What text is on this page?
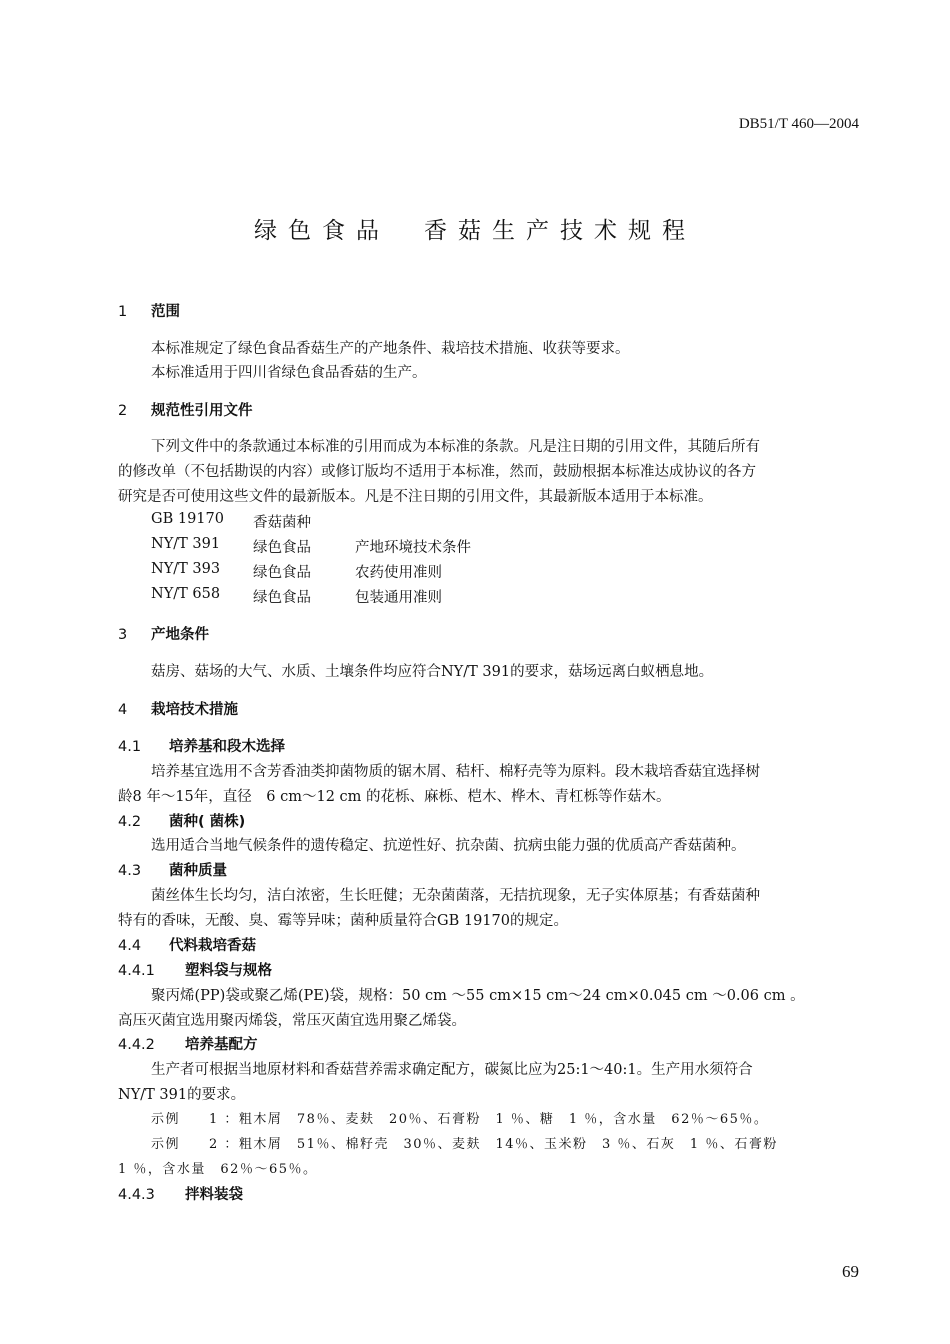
DB51/T 460—2004
绿色食品　香菇生产技术规程
1 范围
本标准规定了绿色食品香菇生产的产地条件、栽培技术措施、收获等要求。
本标准适用于四川省绿色食品香菇的生产。
2 规范性引用文件
下列文件中的条款通过本标准的引用而成为本标准的条款。凡是注日期的引用文件，其随后所有
的修改单（不包括勘误的内容）或修订版均不适用于本标准，然而，鼓励根据本标准达成协议的各方
研究是否可使用这些文件的最新版本。凡是不注日期的引用文件，其最新版本适用于本标准。
GB 19170 香菇菌种
NY/T 391 绿色食品	产地环境技术条件
NY/T 393 绿色食品	农药使用准则
NY/T 658 绿色食品	包装通用准则
3 产地条件
菇房、菇场的大气、水质、土壤条件均应符合NY/T 391的要求，菇场远离白蚁栖息地。
4 栽培技术措施
4.1 培养基和段木选择
培养基宜选用不含芳香油类抑菌物质的锯木屑、秸杆、棉籽壳等为原料。段木栽培香菇宜选择树
龄8 年～15年，直径　6 cm～12 cm 的花栎、麻栎、桤木、桦木、青杠栎等作菇木。
4.2 菌种( 菌株)
选用适合当地气候条件的遗传稳定、抗逆性好、抗杂菌、抗病虫能力强的优质高产香菇菌种。
4.3 菌种质量
菌丝体生长均匀，洁白浓密，生长旺健；无杂菌菌落，无拮抗现象，无子实体原基；有香菇菌种
特有的香味，无酸、臭、霉等异味；菌种质量符合GB 19170的规定。
4.4 代料栽培香菇
4.4.1 塑料袋与规格
聚丙烯(PP)袋或聚乙烯(PE)袋，规格：50 cm ～55 cm×15 cm～24 cm×0.045 cm ～0.06 cm 。
高压灭菌宜选用聚丙烯袋，常压灭菌宜选用聚乙烯袋。
4.4.2 培养基配方
生产者可根据当地原材料和香菇营养需求确定配方，碳氮比应为25:1～40:1。生产用水须符合
NY/T 391的要求。
示例　　1 ：粗木屑　78％、麦麸　20％、石膏粉　1 ％、糖　1 ％，含水量　62％～65％。
示例　　2 ：粗木屑　51％、棉籽壳　30％、麦麸　14％、玉米粉　3 ％、石灰　1 ％、石膏粉
1 ％，含水量　62％～65％。
4.4.3 拌料装袋
69
